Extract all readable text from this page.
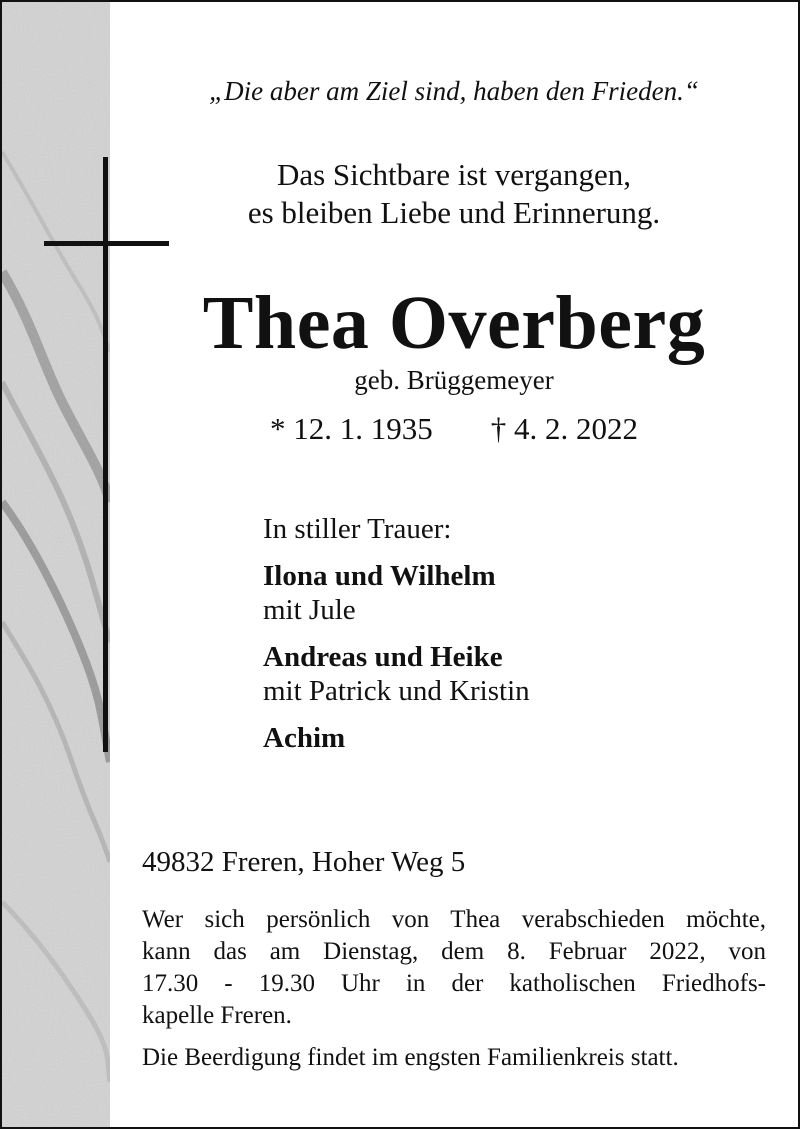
„Die aber am Ziel sind, haben den Frieden.“
Das Sichtbare ist vergangen,
es bleiben Liebe und Erinnerung.
Thea Overberg
geb. Brüggemeyer
* 12. 1. 1935 † 4. 2. 2022
In stiller Trauer:
Ilona und Wilhelm
mit Jule
Andreas und Heike
mit Patrick und Kristin
Achim
49832 Freren, Hoher Weg 5
Wer sich persönlich von Thea verabschieden möchte,
kann das am Dienstag, dem 8. Februar 2022, von
17.30 - 19.30 Uhr in der katholischen Friedhofs-
kapelle Freren.
Die Beerdigung findet im engsten Familienkreis statt.
